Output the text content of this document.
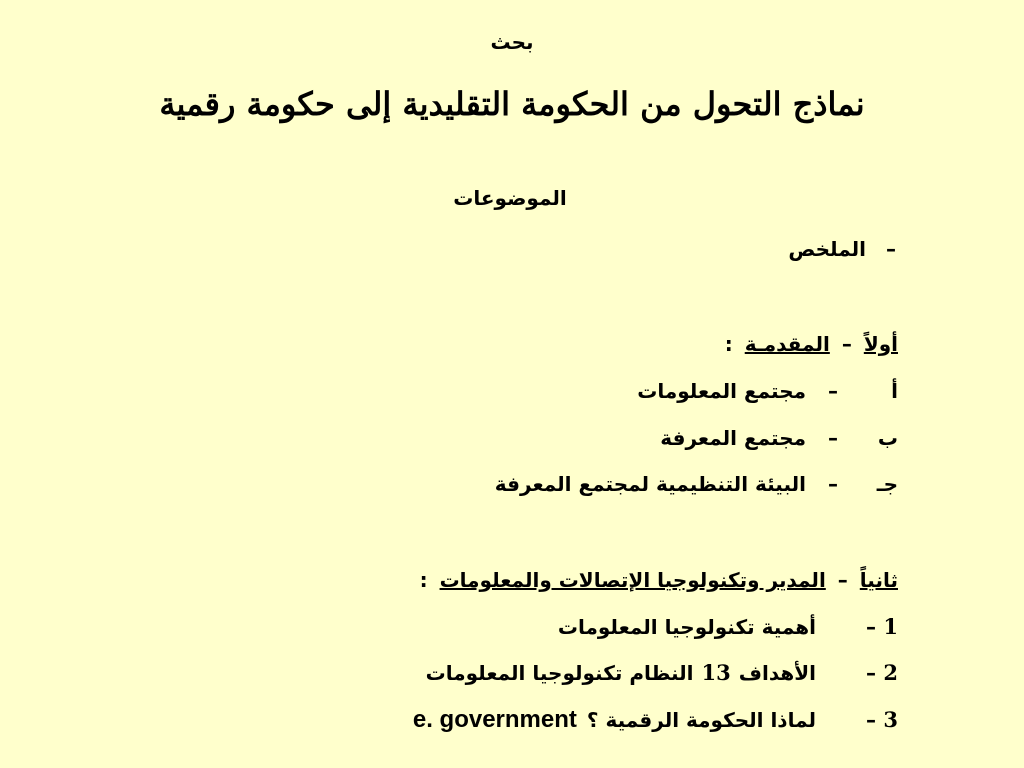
بحث
نماذج التحول من الحكومة التقليدية إلى حكومة رقمية
الموضوعات
–
الملخص
أولاً
–
المقدمـة
:
أ
–
مجتمع المعلومات
ب
–
مجتمع المعرفة
جـ
–
البيئة التنظيمية لمجتمع المعرفة
ثانياً
–
المدير وتكنولوجيا الإتصالات والمعلومات
:
1
–
أهمية تكنولوجيا المعلومات
2
–
الأهداف
13
النظام تكنولوجيا المعلومات
3
–
لماذا الحكومة الرقمية ؟
e. government
